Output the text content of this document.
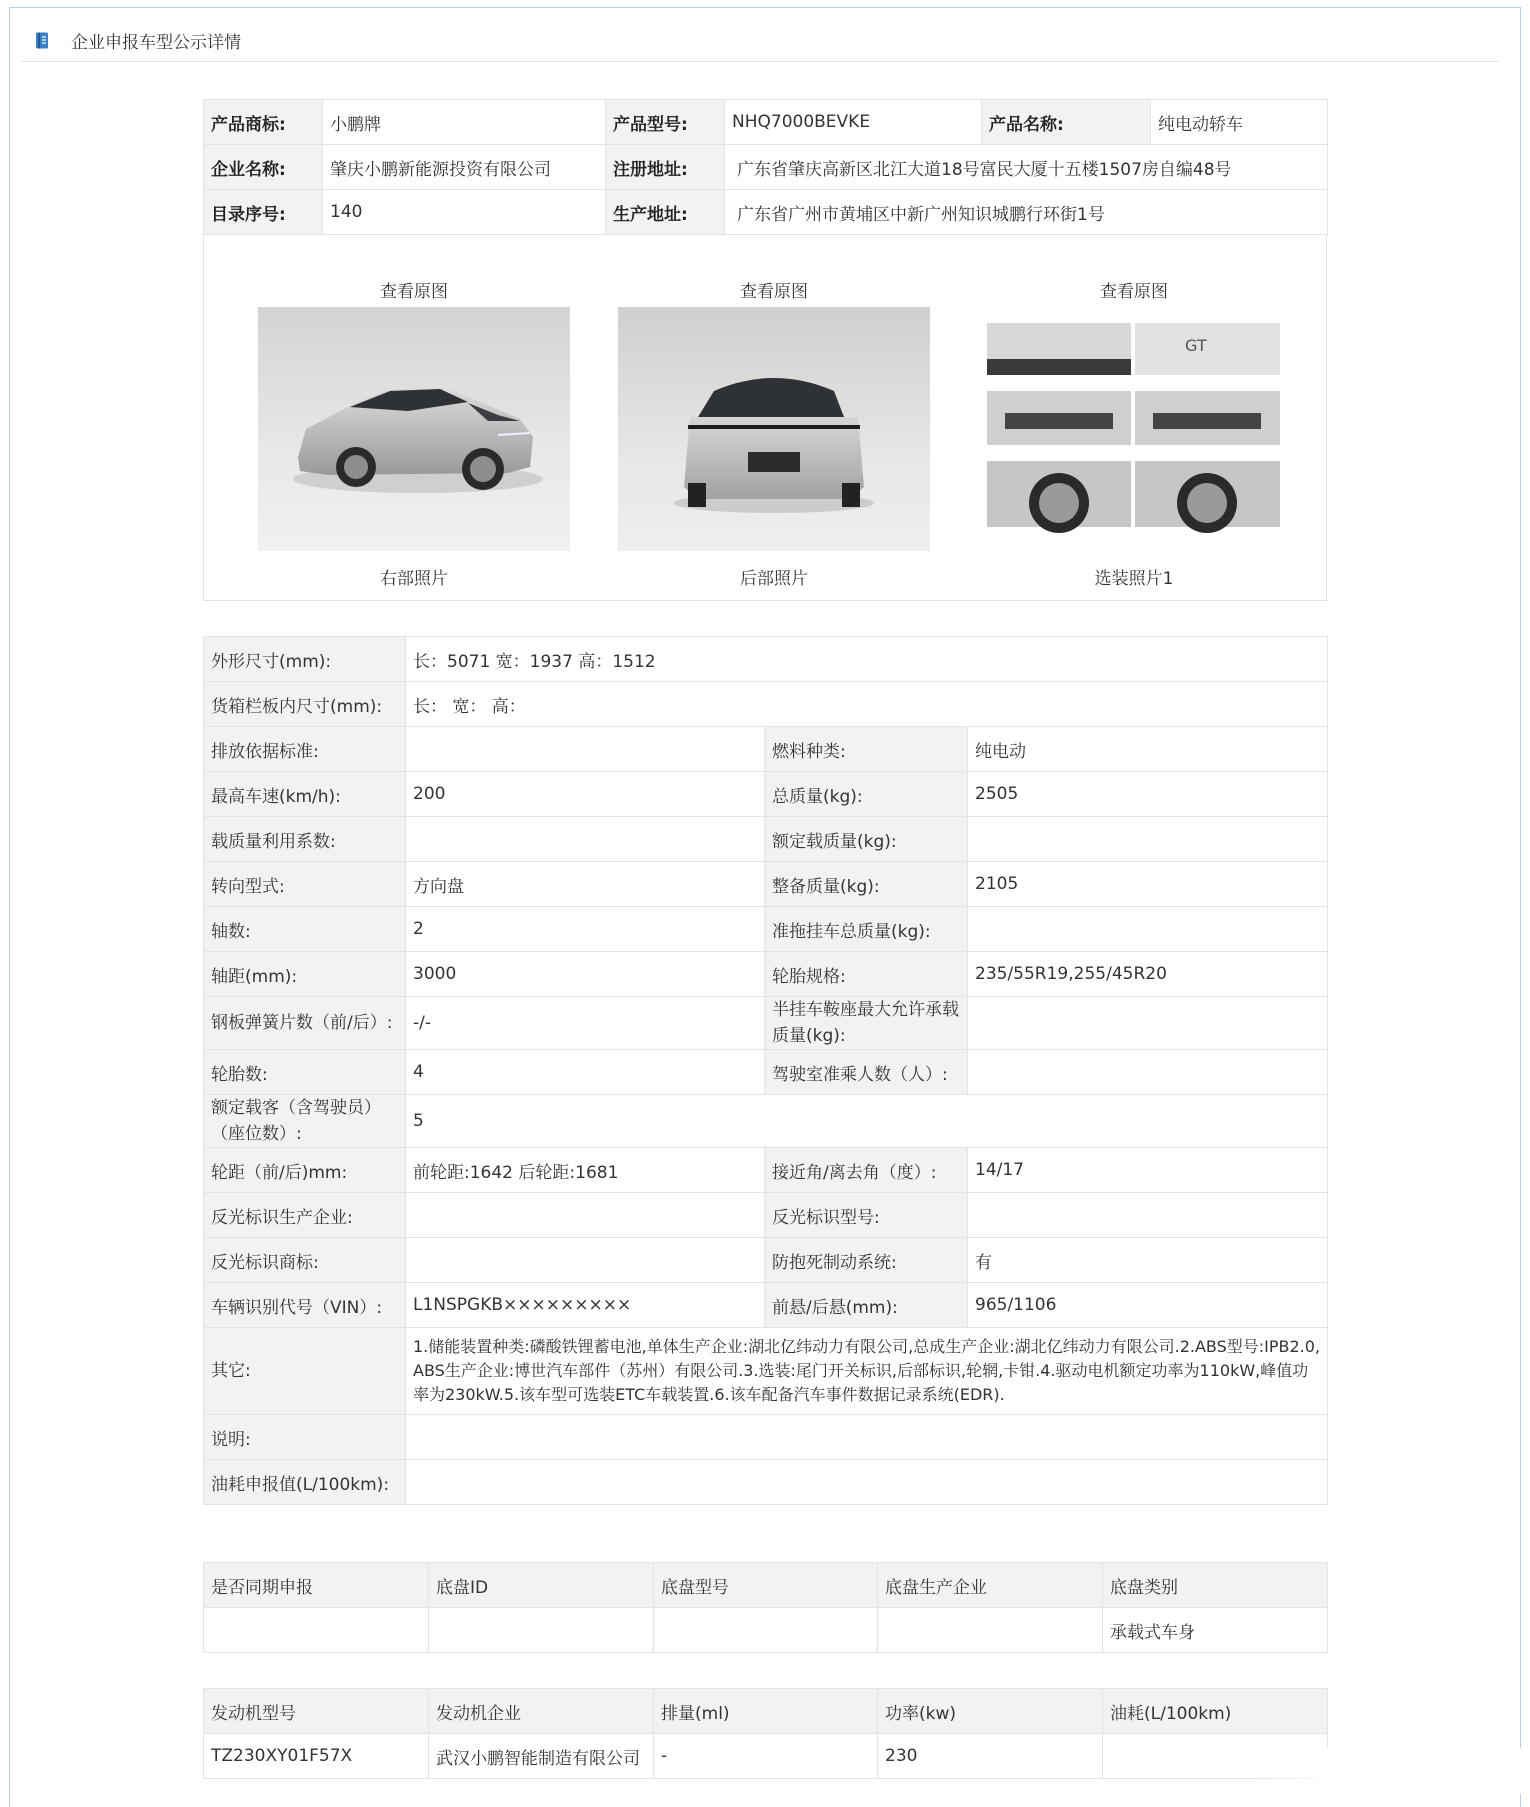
企业申报车型公示详情
产品商标:	小鹏牌	产品型号:	NHQ7000BEVKE	产品名称:	纯电动轿车
企业名称:	肇庆小鹏新能源投资有限公司	注册地址:	广东省肇庆高新区北江大道18号富民大厦十五楼1507房自编48号		
目录序号:	140	生产地址:	广东省广州市黄埔区中新广州知识城鹏行环街1号		
查看原图
右部照片
查看原图
后部照片
查看原图
GT
选装照片1
外形尺寸(mm):	长：5071 宽：1937 高：1512		
货箱栏板内尺寸(mm):	长： 宽： 高：		
排放依据标准:		燃料种类:	纯电动
最高车速(km/h):	200	总质量(kg):	2505
载质量利用系数:		额定载质量(kg):	
转向型式:	方向盘	整备质量(kg):	2105
轴数:	2	准拖挂车总质量(kg):	
轴距(mm):	3000	轮胎规格:	235/55R19,255/45R20
钢板弹簧片数（前/后）:	-/-	半挂车鞍座最大允许承载质量(kg):	
轮胎数:	4	驾驶室准乘人数（人）:	
额定载客（含驾驶员）（座位数）:	5		
轮距（前/后)mm:	前轮距:1642 后轮距:1681	接近角/离去角（度）:	14/17
反光标识生产企业:		反光标识型号:	
反光标识商标:		防抱死制动系统:	有
车辆识别代号（VIN）:	L1NSPGKB×××××××××	前悬/后悬(mm):	965/1106
其它:	1.储能装置种类:磷酸铁锂蓄电池,单体生产企业:湖北亿纬动力有限公司,总成生产企业:湖北亿纬动力有限公司.2.ABS型号:IPB2.0,ABS生产企业:博世汽车部件（苏州）有限公司.3.选装:尾门开关标识,后部标识,轮辋,卡钳.4.驱动电机额定功率为110kW,峰值功率为230kW.5.该车型可选装ETC车载装置.6.该车配备汽车事件数据记录系统(EDR).		
说明:			
油耗申报值(L/100km):			
是否同期申报	底盘ID	底盘型号	底盘生产企业	底盘类别
				承载式车身
发动机型号	发动机企业	排量(ml)	功率(kw)	油耗(L/100km)
TZ230XY01F57X	武汉小鹏智能制造有限公司	-	230	
